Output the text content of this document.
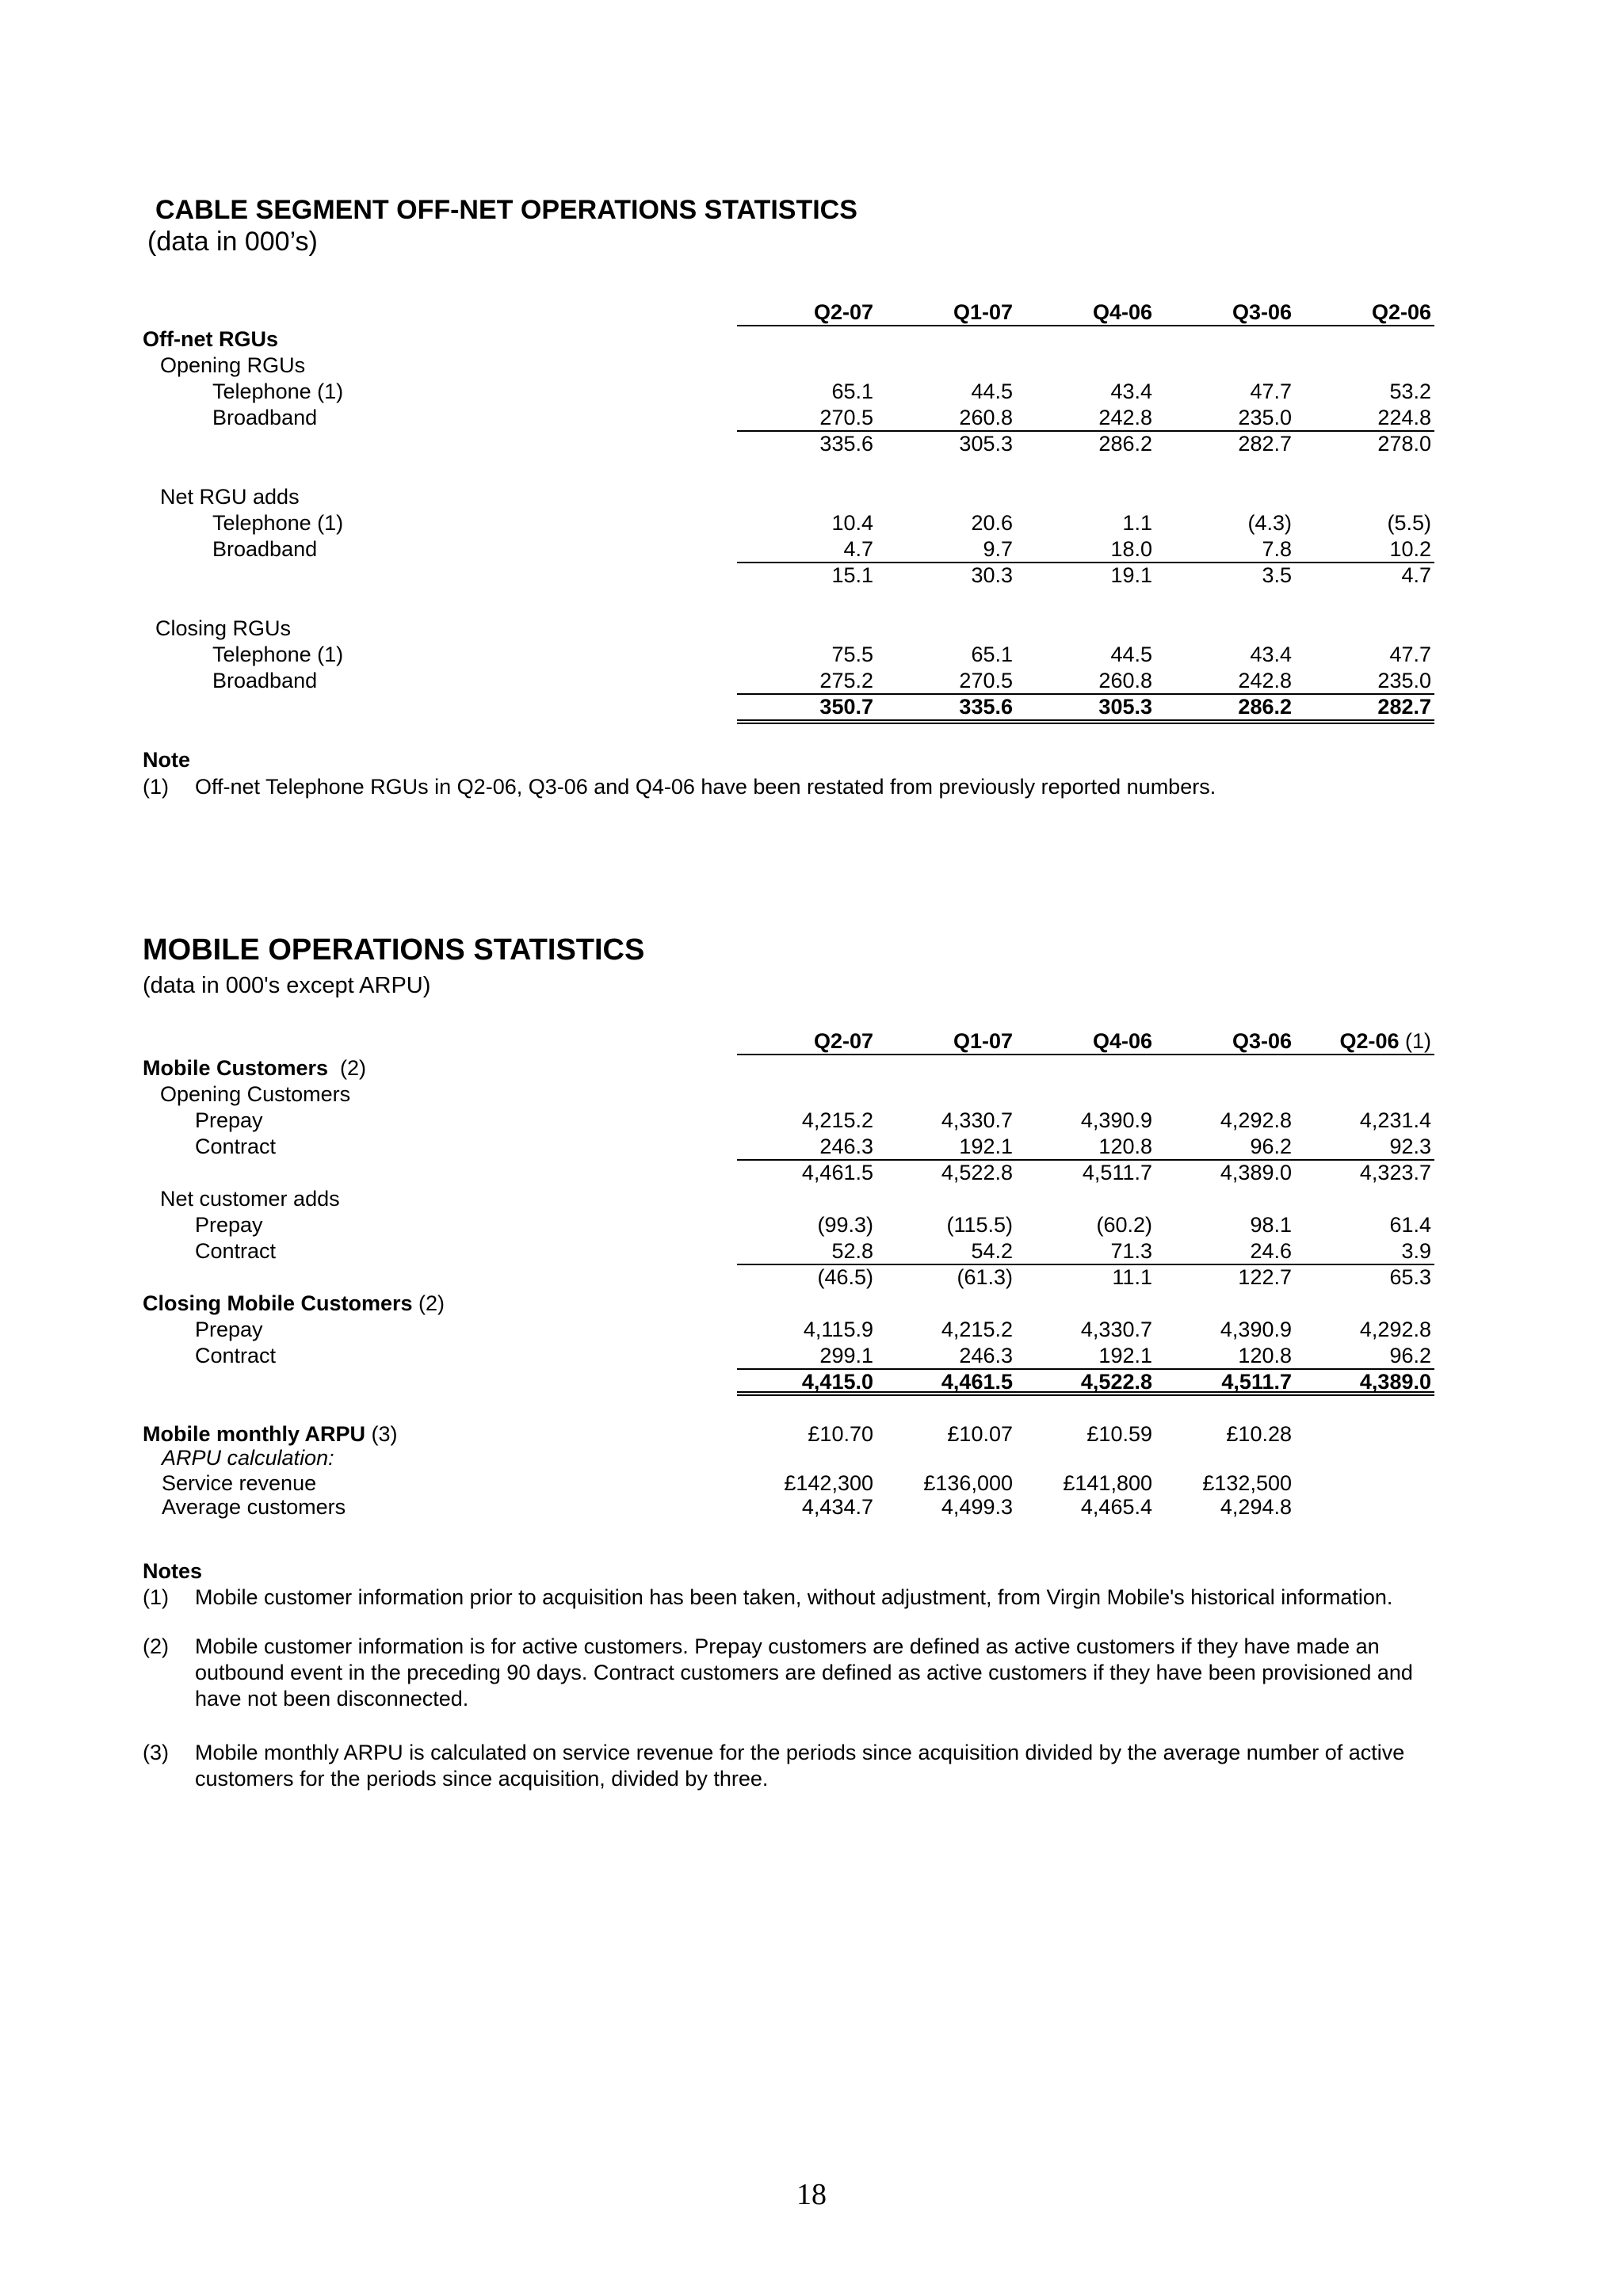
CABLE SEGMENT OFF-NET OPERATIONS STATISTICS
(data in 000’s)
Q2-07	Q1-07	Q4-06	Q3-06	Q2-06
Off-net RGUs
Opening RGUs
Telephone (1)	65.1	44.5	43.4	47.7	53.2
Broadband	270.5	260.8	242.8	235.0	224.8
335.6	305.3	286.2	282.7	278.0
Net RGU adds
Telephone (1)	10.4	20.6	1.1	(4.3)	(5.5)
Broadband	4.7	9.7	18.0	7.8	10.2
15.1	30.3	19.1	3.5	4.7
Closing RGUs
Telephone (1)	75.5	65.1	44.5	43.4	47.7
Broadband	275.2	270.5	260.8	242.8	235.0
350.7	335.6	305.3	286.2	282.7
Note
(1) Off-net Telephone RGUs in Q2-06, Q3-06 and Q4-06 have been restated from previously reported numbers.
MOBILE OPERATIONS STATISTICS
(data in 000's except ARPU)
Q2-07	Q1-07	Q4-06	Q3-06	Q2-06 (1)
Mobile Customers  (2)
Opening Customers
Prepay	4,215.2	4,330.7	4,390.9	4,292.8	4,231.4
Contract	246.3	192.1	120.8	96.2	92.3
4,461.5	4,522.8	4,511.7	4,389.0	4,323.7
Net customer adds
Prepay	(99.3)	(115.5)	(60.2)	98.1	61.4
Contract	52.8	54.2	71.3	24.6	3.9
(46.5)	(61.3)	11.1	122.7	65.3
Closing Mobile Customers (2)
Prepay	4,115.9	4,215.2	4,330.7	4,390.9	4,292.8
Contract	299.1	246.3	192.1	120.8	96.2
4,415.0	4,461.5	4,522.8	4,511.7	4,389.0
Mobile monthly ARPU (3)	£10.70	£10.07	£10.59	£10.28
ARPU calculation:
Service revenue	£142,300	£136,000	£141,800	£132,500
Average customers	4,434.7	4,499.3	4,465.4	4,294.8
Notes
(1) Mobile customer information prior to acquisition has been taken, without adjustment, from Virgin Mobile's historical information.
(2) Mobile customer information is for active customers. Prepay customers are defined as active customers if they have made an outbound event in the preceding 90 days. Contract customers are defined as active customers if they have been provisioned and have not been disconnected.
(3) Mobile monthly ARPU is calculated on service revenue for the periods since acquisition divided by the average number of active customers for the periods since acquisition, divided by three.
18
